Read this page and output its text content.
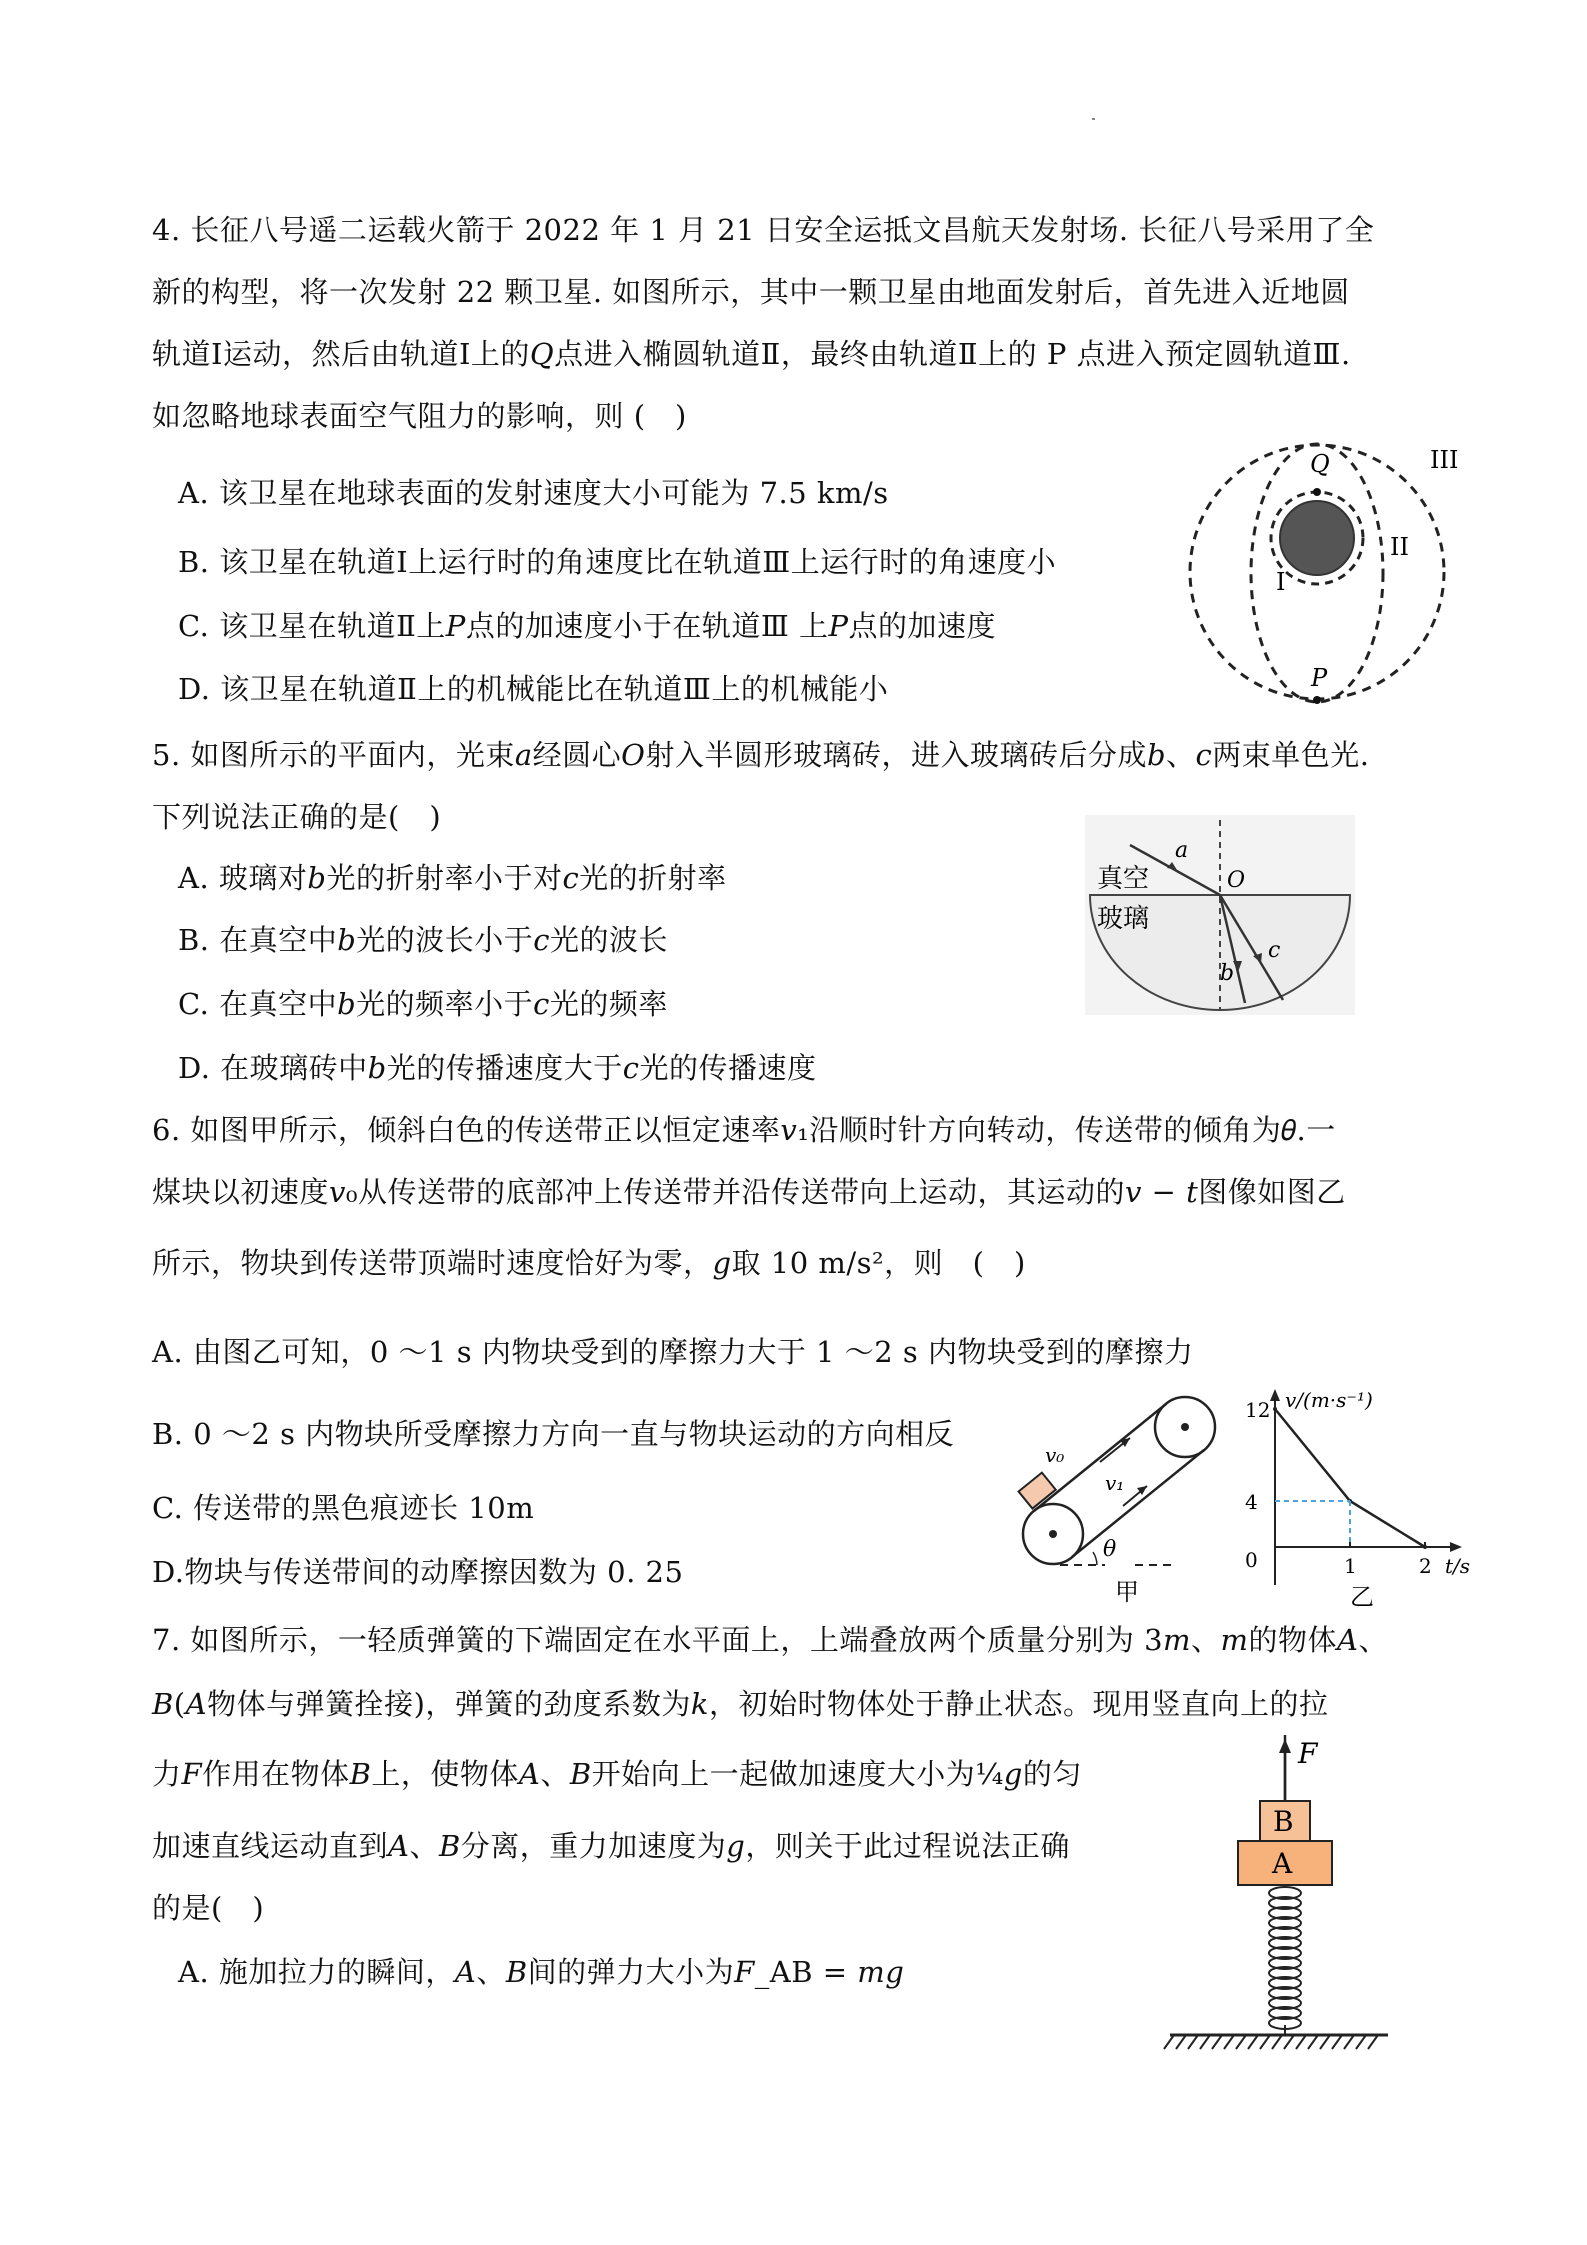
4. 长征八号遥二运载火箭于 2022 年 1 月 21 日安全运抵文昌航天发射场. 长征八号采用了全
新的构型，将一次发射 22 颗卫星. 如图所示，其中一颗卫星由地面发射后，首先进入近地圆
轨道Ⅰ运动，然后由轨道Ⅰ上的𝑄点进入椭圆轨道Ⅱ，最终由轨道Ⅱ上的 P 点进入预定圆轨道Ⅲ.
如忽略地球表面空气阻力的影响，则 (　)
A. 该卫星在地球表面的发射速度大小可能为 7.5 km/s
B. 该卫星在轨道Ⅰ上运行时的角速度比在轨道Ⅲ上运行时的角速度小
C. 该卫星在轨道Ⅱ上𝑃点的加速度小于在轨道Ⅲ 上𝑃点的加速度
D. 该卫星在轨道Ⅱ上的机械能比在轨道Ⅲ上的机械能小
Q
P
I
II
III
5. 如图所示的平面内，光束𝑎经圆心𝑂射入半圆形玻璃砖，进入玻璃砖后分成𝑏、𝑐两束单色光.
下列说法正确的是(　)
A. 玻璃对𝑏光的折射率小于对𝑐光的折射率
B. 在真空中𝑏光的波长小于𝑐光的波长
C. 在真空中𝑏光的频率小于𝑐光的频率
D. 在玻璃砖中𝑏光的传播速度大于𝑐光的传播速度
真空
玻璃
a
O
b
c
6. 如图甲所示，倾斜白色的传送带正以恒定速率𝑣₁沿顺时针方向转动，传送带的倾角为𝜃.一
煤块以初速度𝑣₀从传送带的底部冲上传送带并沿传送带向上运动，其运动的𝑣 − 𝑡图像如图乙
所示，物块到传送带顶端时速度恰好为零，𝑔取 10 m/s²，则　(　)
A. 由图乙可知，0 ～1 s 内物块受到的摩擦力大于 1 ～2 s 内物块受到的摩擦力
B. 0 ～2 s 内物块所受摩擦力方向一直与物块运动的方向相反
C. 传送带的黑色痕迹长 10m
D.物块与传送带间的动摩擦因数为 0. 25
v₀
v₁
θ
甲
12
4
0	1	2
v/(m·s⁻¹)
t/s
乙
7. 如图所示，一轻质弹簧的下端固定在水平面上，上端叠放两个质量分别为 3𝑚、𝑚的物体𝐴、
𝐵(𝐴物体与弹簧拴接)，弹簧的劲度系数为𝑘，初始时物体处于静止状态。现用竖直向上的拉
力𝐹作用在物体𝐵上，使物体𝐴、𝐵开始向上一起做加速度大小为¼𝑔的匀
加速直线运动直到𝐴、𝐵分离，重力加速度为𝑔，则关于此过程说法正确
的是(　)
A. 施加拉力的瞬间，𝐴、𝐵间的弹力大小为𝐹_AB = 𝑚𝑔
F
B
A
